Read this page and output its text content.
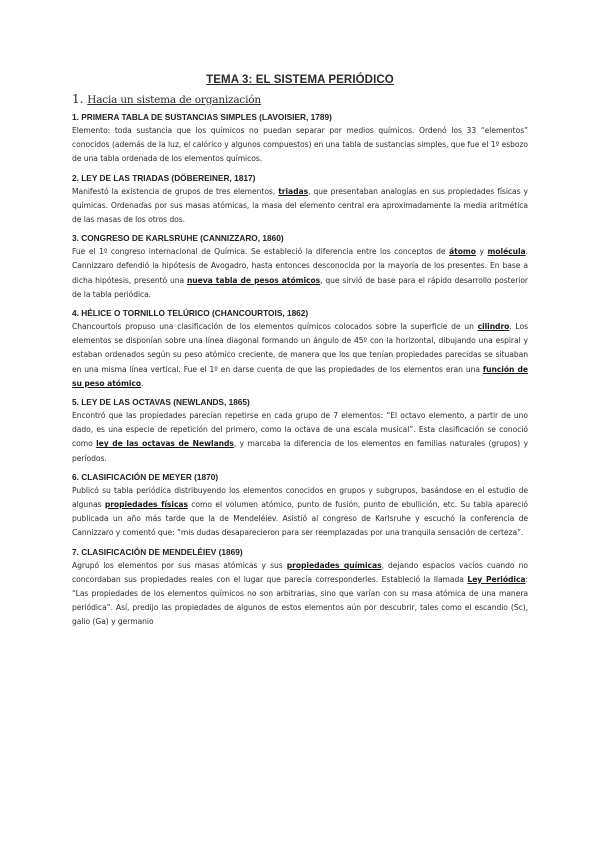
TEMA 3: EL SISTEMA PERIÓDICO
1. Hacia un sistema de organización
1. PRIMERA TABLA DE SUSTANCIAS SIMPLES (LAVOISIER, 1789)
Elemento: toda sustancia que los químicos no puedan separar por medios químicos. Ordenó los 33 “elementos” conocidos (además de la luz, el calórico y algunos compuestos) en una tabla de sustancias simples, que fue el 1º esbozo de una tabla ordenada de los elementos químicos.
2. LEY DE LAS TRIADAS (DÖBEREINER, 1817)
Manifestó la existencia de grupos de tres elementos, triadas, que presentaban analogías en sus propiedades físicas y químicas. Ordenadas por sus masas atómicas, la masa del elemento central era aproximadamente la media aritmética de las masas de los otros dos.
3. CONGRESO DE KARLSRUHE (CANNIZZARO, 1860)
Fue el 1º congreso internacional de Química. Se estableció la diferencia entre los conceptos de átomo y molécula. Cannizzaro defendió la hipótesis de Avogadro, hasta entonces desconocida por la mayoría de los presentes. En base a dicha hipótesis, presentó una nueva tabla de pesos atómicos, que sirvió de base para el rápido desarrollo posterior de la tabla periódica.
4. HÉLICE O TORNILLO TELÚRICO (CHANCOURTOIS, 1862)
Chancourtois propuso una clasificación de los elementos químicos colocados sobre la superficie de un cilindro. Los elementos se disponían sobre una línea diagonal formando un ángulo de 45º con la horizontal, dibujando una espiral y estaban ordenados según su peso atómico creciente, de manera que los que tenían propiedades parecidas se situaban en una misma línea vertical. Fue el 1º en darse cuenta de que las propiedades de los elementos eran una función de su peso atómico.
5. LEY DE LAS OCTAVAS (NEWLANDS, 1865)
Encontró que las propiedades parecían repetirse en cada grupo de 7 elementos: “El octavo elemento, a partir de uno dado, es una especie de repetición del primero, como la octava de una escala musical”. Esta clasificación se conoció como ley de las octavas de Newlands, y marcaba la diferencia de los elementos en familias naturales (grupos) y períodos.
6. CLASIFICACIÓN DE MEYER (1870)
Publicó su tabla periódica distribuyendo los elementos conocidos en grupos y subgrupos, basándose en el estudio de algunas propiedades físicas como el volumen atómico, punto de fusión, punto de ebullición, etc. Su tabla apareció publicada un año más tarde que la de Mendeléiev. Asistió al congreso de Karlsruhe y escuchó la conferencia de Cannizzaro y comentó que: “mis dudas desaparecieron para ser reemplazadas por una tranquila sensación de certeza”.
7. CLASIFICACIÓN DE MENDELÉIEV (1869)
Agrupó los elementos por sus masas atómicas y sus propiedades químicas, dejando espacios vacíos cuando no concordaban sus propiedades reales con el lugar que parecía corresponderles. Estableció la llamada Ley Periódica: “Las propiedades de los elementos químicos no son arbitrarias, sino que varían con su masa atómica de una manera periódica”. Así, predijo las propiedades de algunos de estos elementos aún por descubrir, tales como el escandio (Sc), galio (Ga) y germanio
